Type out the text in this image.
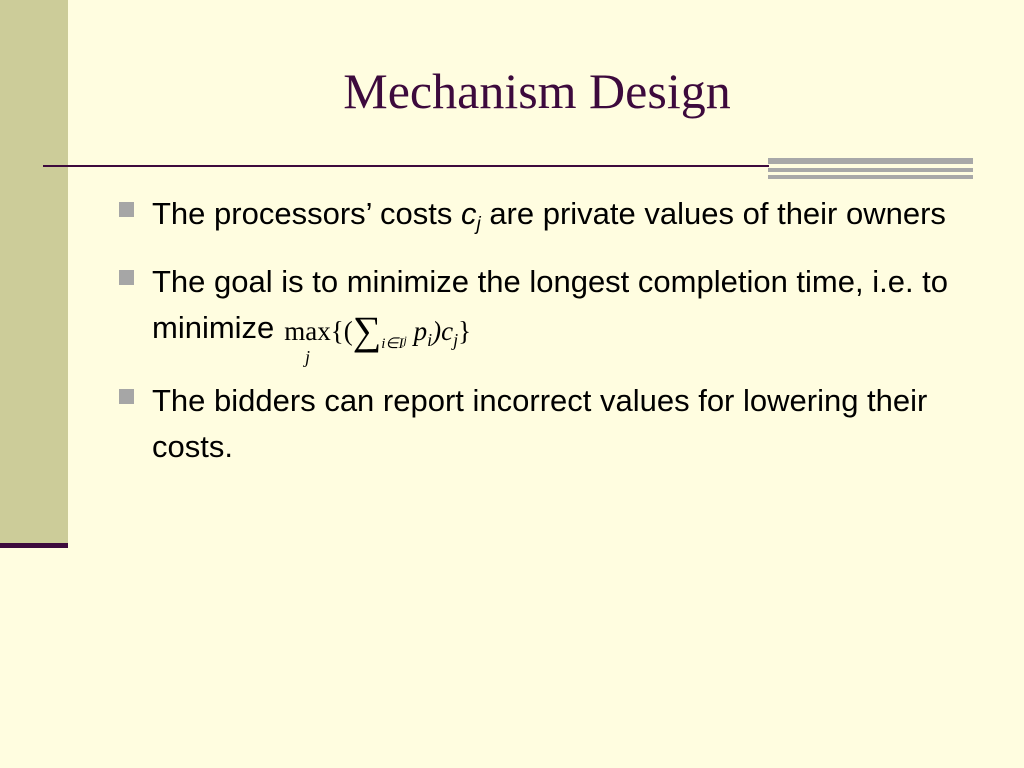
Mechanism Design
The processors’ costs cj are private values of their owners
The goal is to minimize the longest completion time, i.e. to minimize max
j
{($\sum_{i\in I}j$ $p_i)c_j$}
The bidders can report incorrect values for lowering their costs.
